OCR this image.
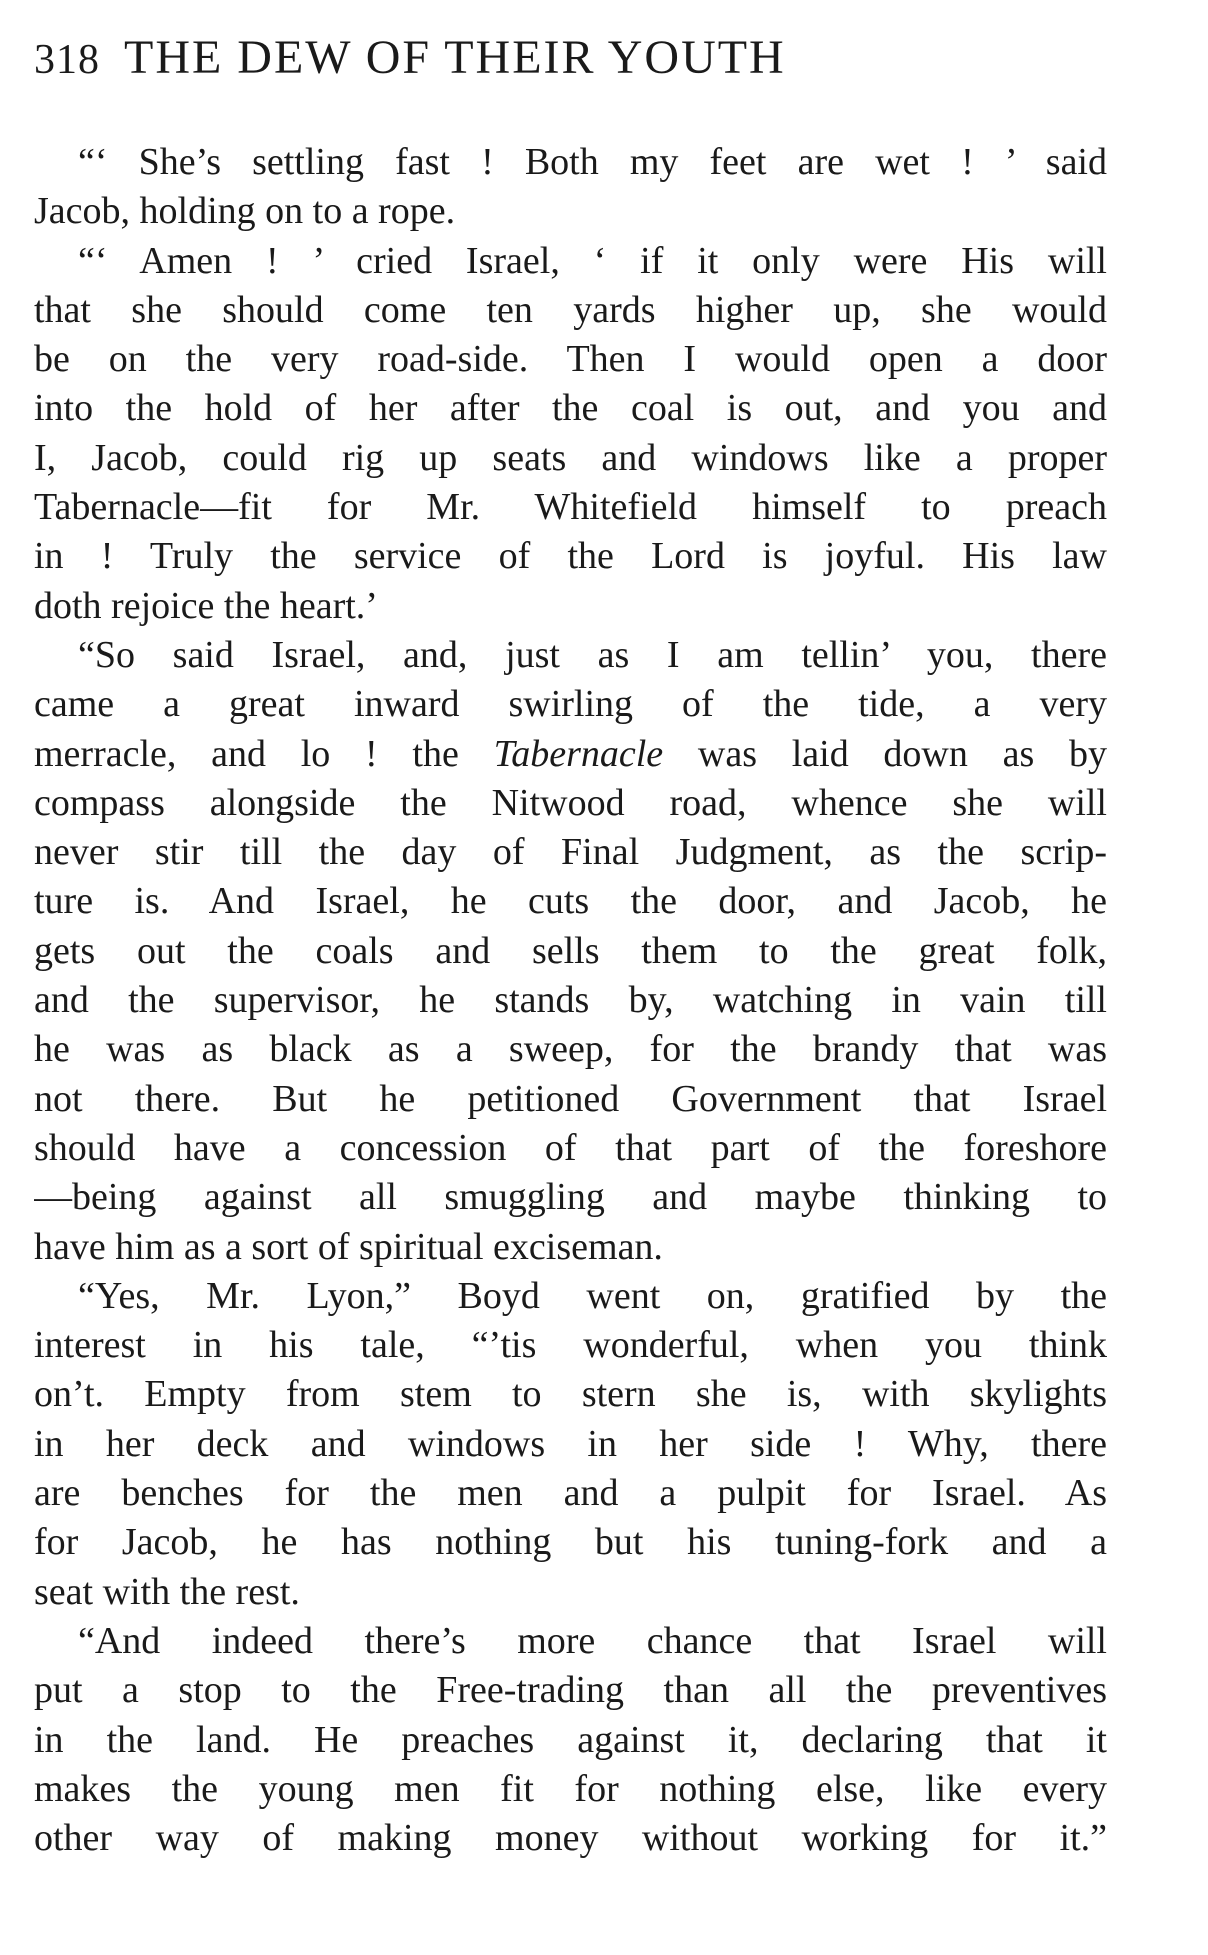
318 THE DEW OF THEIR YOUTH
“‘ She’s settling fast ! Both my feet are wet ! ’ said
Jacob, holding on to a rope.
“‘ Amen ! ’ cried Israel, ‘ if it only were His will
that she should come ten yards higher up, she would
be on the very road-side. Then I would open a door
into the hold of her after the coal is out, and you and
I, Jacob, could rig up seats and windows like a proper
Tabernacle—fit for Mr. Whitefield himself to preach
in ! Truly the service of the Lord is joyful. His law
doth rejoice the heart.’
“So said Israel, and, just as I am tellin’ you, there
came a great inward swirling of the tide, a very
merracle, and lo ! the Tabernacle was laid down as by
compass alongside the Nitwood road, whence she will
never stir till the day of Final Judgment, as the scrip-
ture is. And Israel, he cuts the door, and Jacob, he
gets out the coals and sells them to the great folk,
and the supervisor, he stands by, watching in vain till
he was as black as a sweep, for the brandy that was
not there. But he petitioned Government that Israel
should have a concession of that part of the foreshore
—being against all smuggling and maybe thinking to
have him as a sort of spiritual exciseman.
“Yes, Mr. Lyon,” Boyd went on, gratified by the
interest in his tale, “’tis wonderful, when you think
on’t. Empty from stem to stern she is, with skylights
in her deck and windows in her side ! Why, there
are benches for the men and a pulpit for Israel. As
for Jacob, he has nothing but his tuning-fork and a
seat with the rest.
“And indeed there’s more chance that Israel will
put a stop to the Free-trading than all the preventives
in the land. He preaches against it, declaring that it
makes the young men fit for nothing else, like every
other way of making money without working for it.”
